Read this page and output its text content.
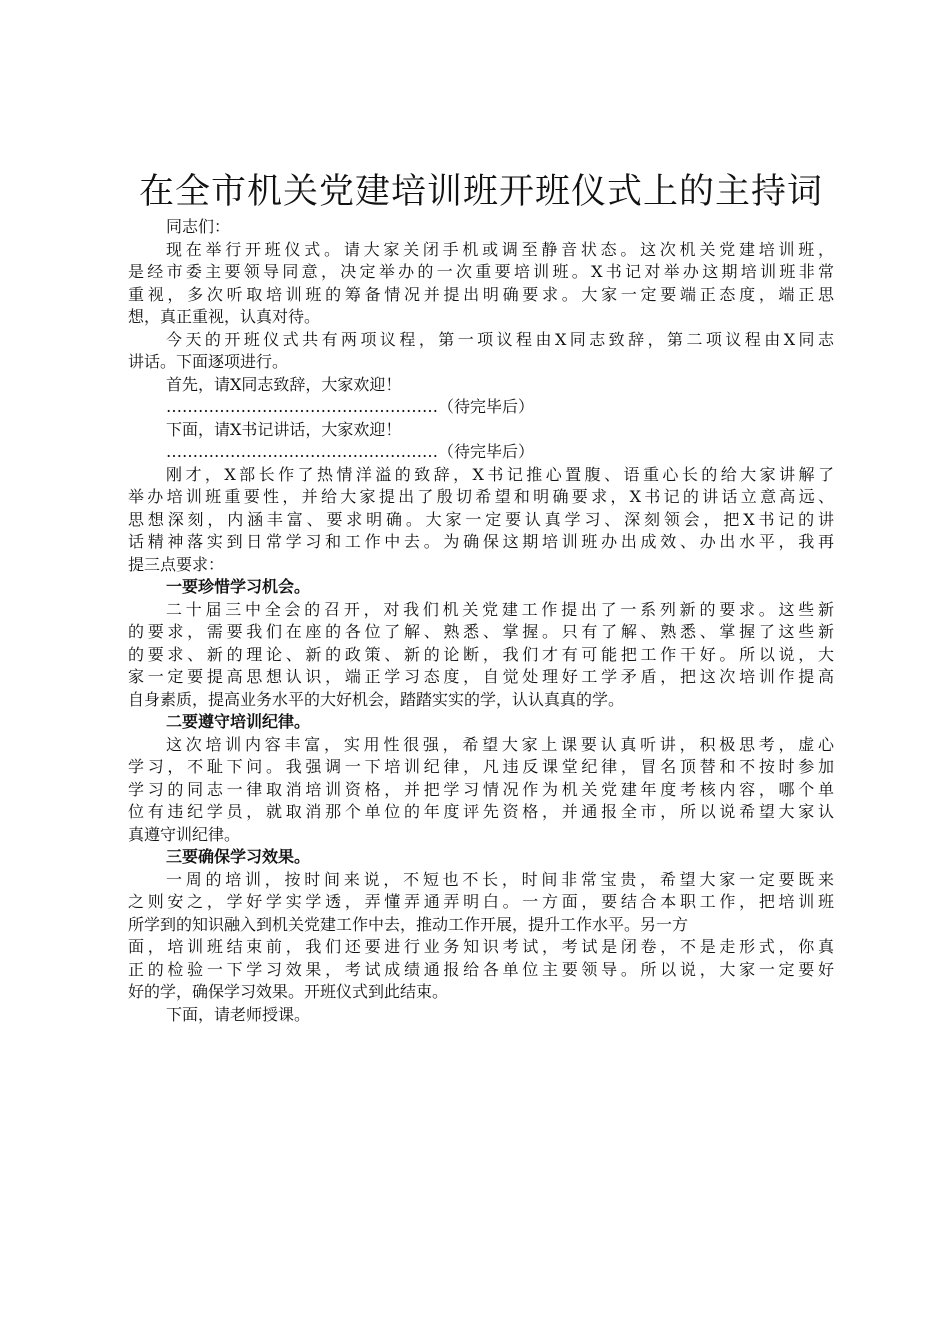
在全市机关党建培训班开班仪式上的主持词

同志们：

现在举行开班仪式。请大家关闭手机或调至静音状态。这次机关党建培训班，

是经市委主要领导同意，决定举办的一次重要培训班。X书记对举办这期培训班非常

重视，多次听取培训班的筹备情况并提出明确要求。大家一定要端正态度，端正思

想，真正重视，认真对待。

今天的开班仪式共有两项议程，第一项议程由X同志致辞，第二项议程由X同志

讲话。下面逐项进行。

首先，请X同志致辞，大家欢迎！

……………………………………………（待完毕后）

下面，请X书记讲话，大家欢迎！

……………………………………………（待完毕后）

刚才，X部长作了热情洋溢的致辞，X书记推心置腹、语重心长的给大家讲解了

举办培训班重要性，并给大家提出了殷切希望和明确要求，X书记的讲话立意高远、

思想深刻，内涵丰富、要求明确。大家一定要认真学习、深刻领会，把X书记的讲

话精神落实到日常学习和工作中去。为确保这期培训班办出成效、办出水平，我再

提三点要求：

一要珍惜学习机会。

二十届三中全会的召开，对我们机关党建工作提出了一系列新的要求。这些新

的要求，需要我们在座的各位了解、熟悉、掌握。只有了解、熟悉、掌握了这些新

的要求、新的理论、新的政策、新的论断，我们才有可能把工作干好。所以说，大

家一定要提高思想认识，端正学习态度，自觉处理好工学矛盾，把这次培训作提高

自身素质，提高业务水平的大好机会，踏踏实实的学，认认真真的学。

二要遵守培训纪律。

这次培训内容丰富，实用性很强，希望大家上课要认真听讲，积极思考，虚心

学习，不耻下问。我强调一下培训纪律，凡违反课堂纪律，冒名顶替和不按时参加

学习的同志一律取消培训资格，并把学习情况作为机关党建年度考核内容，哪个单

位有违纪学员，就取消那个单位的年度评先资格，并通报全市，所以说希望大家认

真遵守训纪律。

三要确保学习效果。

一周的培训，按时间来说，不短也不长，时间非常宝贵，希望大家一定要既来

之则安之，学好学实学透，弄懂弄通弄明白。一方面，要结合本职工作，把培训班

所学到的知识融入到机关党建工作中去，推动工作开展，提升工作水平。另一方

面，培训班结束前，我们还要进行业务知识考试，考试是闭卷，不是走形式，你真

正的检验一下学习效果，考试成绩通报给各单位主要领导。所以说，大家一定要好

好的学，确保学习效果。开班仪式到此结束。

下面，请老师授课。
